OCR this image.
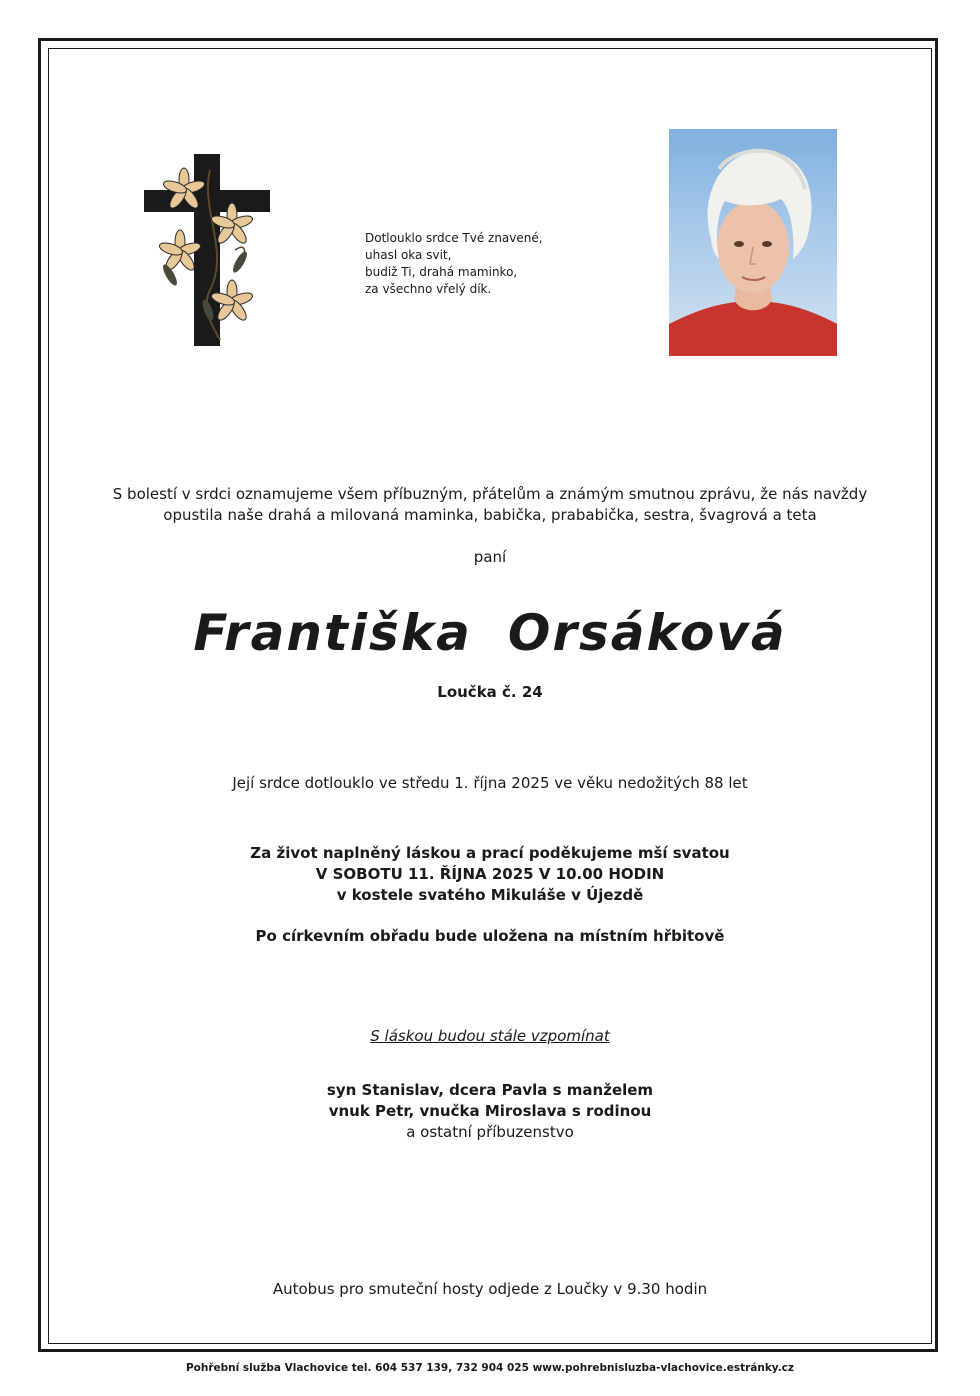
Dotlouklo srdce Tvé znavené,
uhasl oka svit,
budiž Ti, drahá maminko,
za všechno vřelý dík.
S bolestí v srdci oznamujeme všem příbuzným, přátelům a známým smutnou zprávu, že nás navždy
opustila naše drahá a milovaná maminka, babička, prababička, sestra, švagrová a teta
paní
Františka Orsáková
Loučka č. 24
Její srdce dotlouklo ve středu 1. října 2025 ve věku nedožitých 88 let
Za život naplněný láskou a prací poděkujeme mší svatou
V SOBOTU 11. ŘÍJNA 2025 V 10.00 HODIN
v kostele svatého Mikuláše v Újezdě
Po církevním obřadu bude uložena na místním hřbitově
S láskou budou stále vzpomínat
syn Stanislav, dcera Pavla s manželem
vnuk Petr, vnučka Miroslava s rodinou
a ostatní příbuzenstvo
Autobus pro smuteční hosty odjede z Loučky v 9.30 hodin
Pohřební služba Vlachovice tel. 604 537 139, 732 904 025 www.pohrebnisluzba-vlachovice.estránky.cz
